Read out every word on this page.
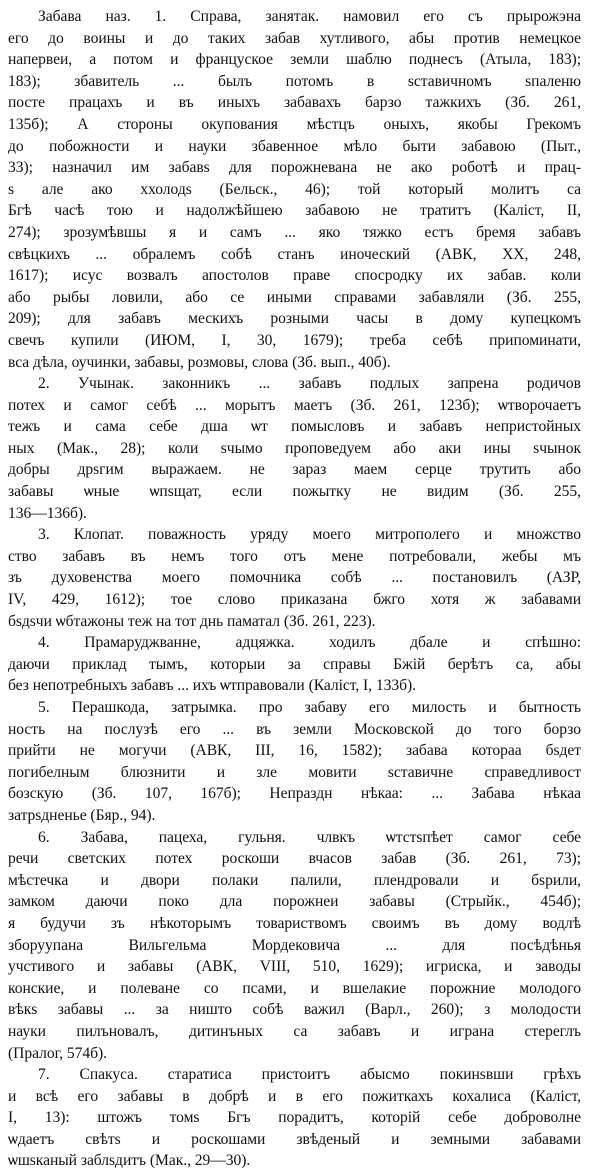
Забава наз. 1. Справа, занятак. намовил его съ прырожэнa
его до воины и до таких забав хутливого, абы против немецкое
напервеи, а потом и француское земли шаблю поднесъ (Атыла, 183);
183); збавитель ... былъ потомъ в ѕставичномъ ѕпаленю
посте працахъ и въ иныхъ забавахъ барзо тажкихъ (Зб. 261,
135б); А стороны окупования мѣстцъ оныхъ, якобы Грекомъ
до побожности и науки збавенное мѣло быти забавою (Пыт.,
33); назначил им забавѕ для порожневана не ако роботѣ и прац-
ѕ але ако ххолодѕ (Бельск., 46); той который молитъ са
Бгѣ часѣ тою и надолжѣйшею забавою не тратитъ (Каліст, II,
274); зрозумѣвшы я и самъ ... яко тяжко естъ бремя забавъ
свѣцкихъ ... обралемъ собѣ станъ иноческий (АВК, XX, 248,
1617); исус возвалъ апостолов праве спосродку их забав. коли
або рыбы ловили, або се иными справами забавляли (Зб. 255,
209); для забавъ мескихъ розными часы в дому купецкомъ
свечъ купили (ИЮМ, I, 30, 1679); треба себѣ припоминати,
вса дѣла, оучинки, забавы, розмовы, слова (Зб. вып., 40б).
2. Учынак. законникъ ... забавъ подлых запрена родичов
потех и самог себѣ ... морытъ маетъ (Зб. 261, 123б); ѡтворочаетъ
тежъ и сама себе дша ѡт помысловъ и забавъ непристойных
ных (Мак., 28); коли ѕчымо проповедуем або аки ины ѕчынок
добры дрѕгим выражаем. не зараз маем серце трутить або
забавы ѡные ѡпѕщат, если пожытку не видим (Зб. 255,
136—136б).
3. Клопат. поважность уряду моего митрополего и множство
ство забавъ въ немъ того отъ мене потребовали, жебы мъ
зъ духовенства моего помочника собѣ ... постановилъ (АЗР,
IV, 429, 1612); тое слово приказана бжго хотя ж забавами
бѕдѕчи ѡбтажоны теж на тот днь паматал (Зб. 261, 223).
4. Прамаруджванне, адцяжка. ходилъ дбале и спѣшно:
даючи приклад тымъ, которыи за справы Бжій берѣтъ са, абы
без непотребныхъ забавъ ... ихъ ѡтправовали (Каліст, I, 133б).
5. Перашкода, затрымка. про забаву его милость и бытность
ность на послузѣ его ... въ земли Московской до того борзо
прийти не могучи (АВК, III, 16, 1582); забава котораа бѕдет
погибелным блюзнити и зле мовити ѕставичне справедливост
бозскую (Зб. 107, 167б); Непраздн нѣкаа: ... Забава нѣкаа
затрѕдненье (Бяр., 94).
6. Забава, пацеха, гульня. члвкъ ѡтстѕпѣет самог себе
речи светских потех роскоши вчасов забав (Зб. 261, 73);
мѣстечка и двори полаки палили, плендровали и бѕрили,
замком даючи поко дла порожнеи забавы (Стрыйк., 454б);
я будучи зъ нѣкоторымъ товариствомъ своимъ въ дому водлѣ
зборуупана Вильгельма Мордековича ... для посѣдѣнья
учстивого и забавы (АВК, VIII, 510, 1629); игриска, и заводы
конские, и полеване со псами, и вшелакие порожние молодого
вѣкѕ забавы ... за ништо собѣ важил (Варл., 260); з молодости
науки пилъновалъ, дитинъных са забавъ и играна стереглъ
(Пралог, 574б).
7. Спакуса. старатиса пристоитъ абысмо покинѕвши грѣхъ
и всѣ его забавы в добрѣ и в его пожиткахъ кохалиса (Каліст,
I, 13): штожъ томѕ Бгъ порадитъ, которій себе доброволне
ѡдаетъ свѣтѕ и роскошами звѣденый и земными забавами
ѡшѕканый заблѕдитъ (Мак., 29—30).
